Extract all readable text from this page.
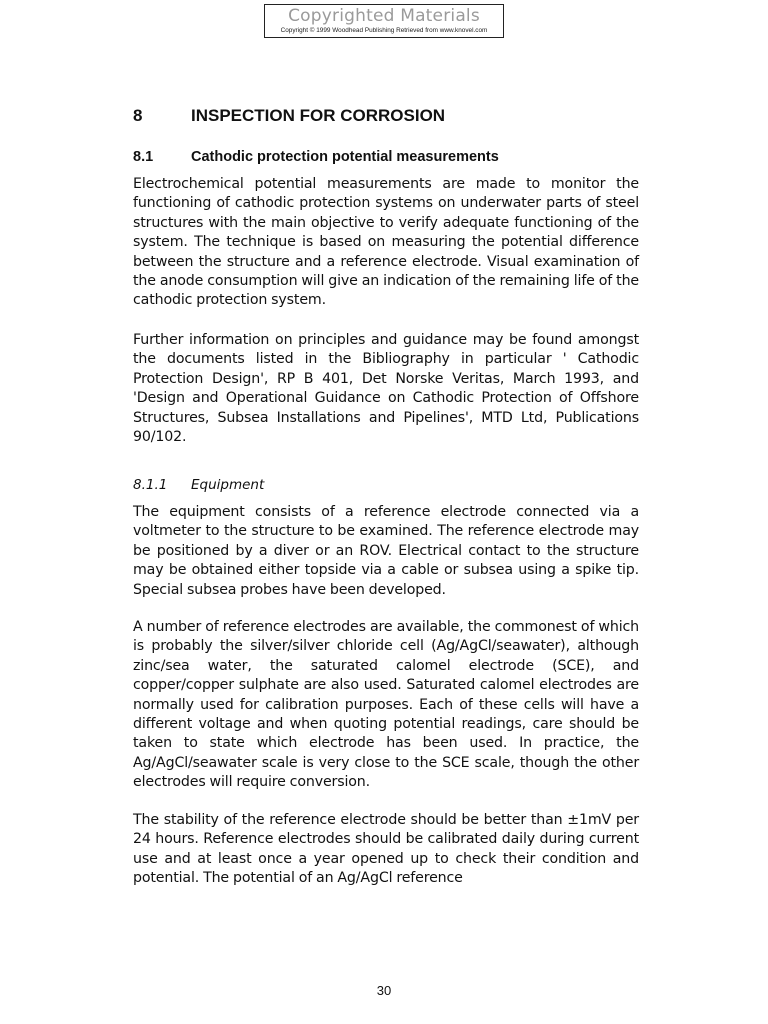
Copyrighted Materials
Copyright © 1999 Woodhead Publishing Retrieved from www.knovel.com
8	INSPECTION FOR CORROSION
8.1	Cathodic protection potential measurements

Electrochemical potential measurements are made to monitor the functioning of cathodic protection systems on underwater parts of steel structures with the main objective to verify adequate functioning of the system. The technique is based on measuring the potential difference between the structure and a reference electrode. Visual examination of the anode consumption will give an indication of the remaining life of the cathodic protection system.

Further information on principles and guidance may be found amongst the documents listed in the Bibliography in particular ' Cathodic Protection Design', RP B 401, Det Norske Veritas, March 1993, and 'Design and Operational Guidance on Cathodic Protection of Offshore Structures, Subsea Installations and Pipelines', MTD Ltd, Publications 90/102.

8.1.1 Equipment

The equipment consists of a reference electrode connected via a voltmeter to the structure to be examined. The reference electrode may be positioned by a diver or an ROV. Electrical contact to the structure may be obtained either topside via a cable or subsea using a spike tip. Special subsea probes have been developed.

A number of reference electrodes are available, the commonest of which is probably the silver/silver chloride cell (Ag/AgCl/seawater), although zinc/sea water, the saturated calomel electrode (SCE), and copper/copper sulphate are also used. Saturated calomel electrodes are normally used for calibration purposes. Each of these cells will have a different voltage and when quoting potential readings, care should be taken to state which electrode has been used. In practice, the Ag/AgCl/seawater scale is very close to the SCE scale, though the other electrodes will require conversion.

The stability of the reference electrode should be better than ±1mV per 24 hours. Reference electrodes should be calibrated daily during current use and at least once a year opened up to check their condition and potential. The potential of an Ag/AgCl reference

30
